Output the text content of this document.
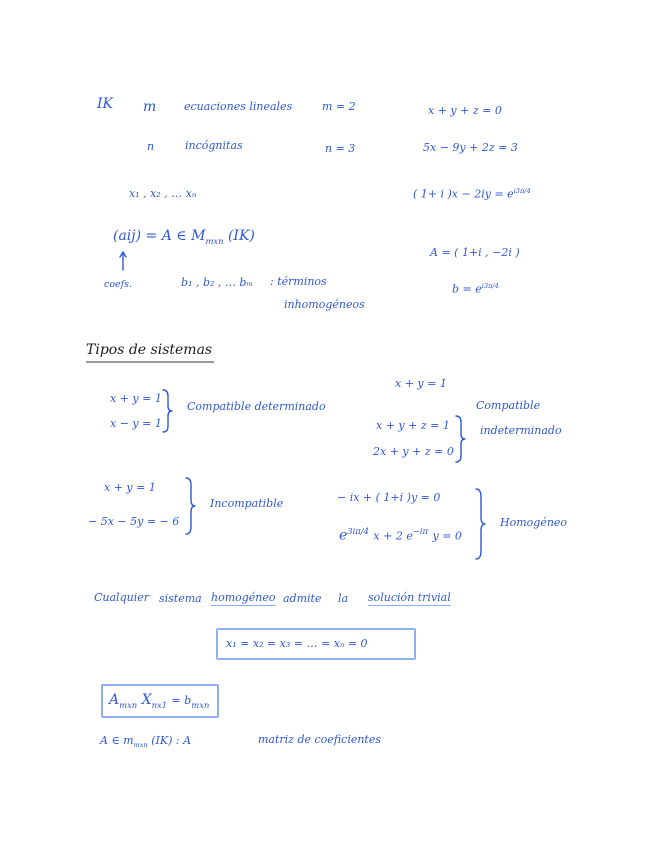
IK m	ecuaciones lineales	m = 2	x + y + z = 0
n	incógnitas	n = 3	5x − 9y + 2z = 3
x₁ , x₂ , … xₙ	( 1+ i )$x - 2iy = e^{i3\pi/4}$
(aij) = A ∈ $M_{mxn}$ (IK)
coefs.	b₁ , b₂ , … bₘ : términos
inhomogéneos
A = ( 1+i , −2i )
$b = e^{i3\pi/4}$
Tipos de sistemas
x + y = 1
x − y = 1
Compatible determinado
x + y = 1
x + y + z = 1
2x + y + z = 0
Compatible
indeterminado
x + y = 1
− 5x − 5y = − 6
Incompatible	− ix + ( 1+i )y = 0
$e^{3i\pi/4}$ x + 2 $e^{-i\pi}$ y = 0
Homogéneo
Cualquier sistema homogéneo admite la solución trivial
x₁ = x₂ = x₃ = … = xₙ = 0
$A_{mxn}$ $X_{nx1} = b_{mxn}$
A ∈ $m_{mxn}$ (IK) : A	matriz de coeficientes
